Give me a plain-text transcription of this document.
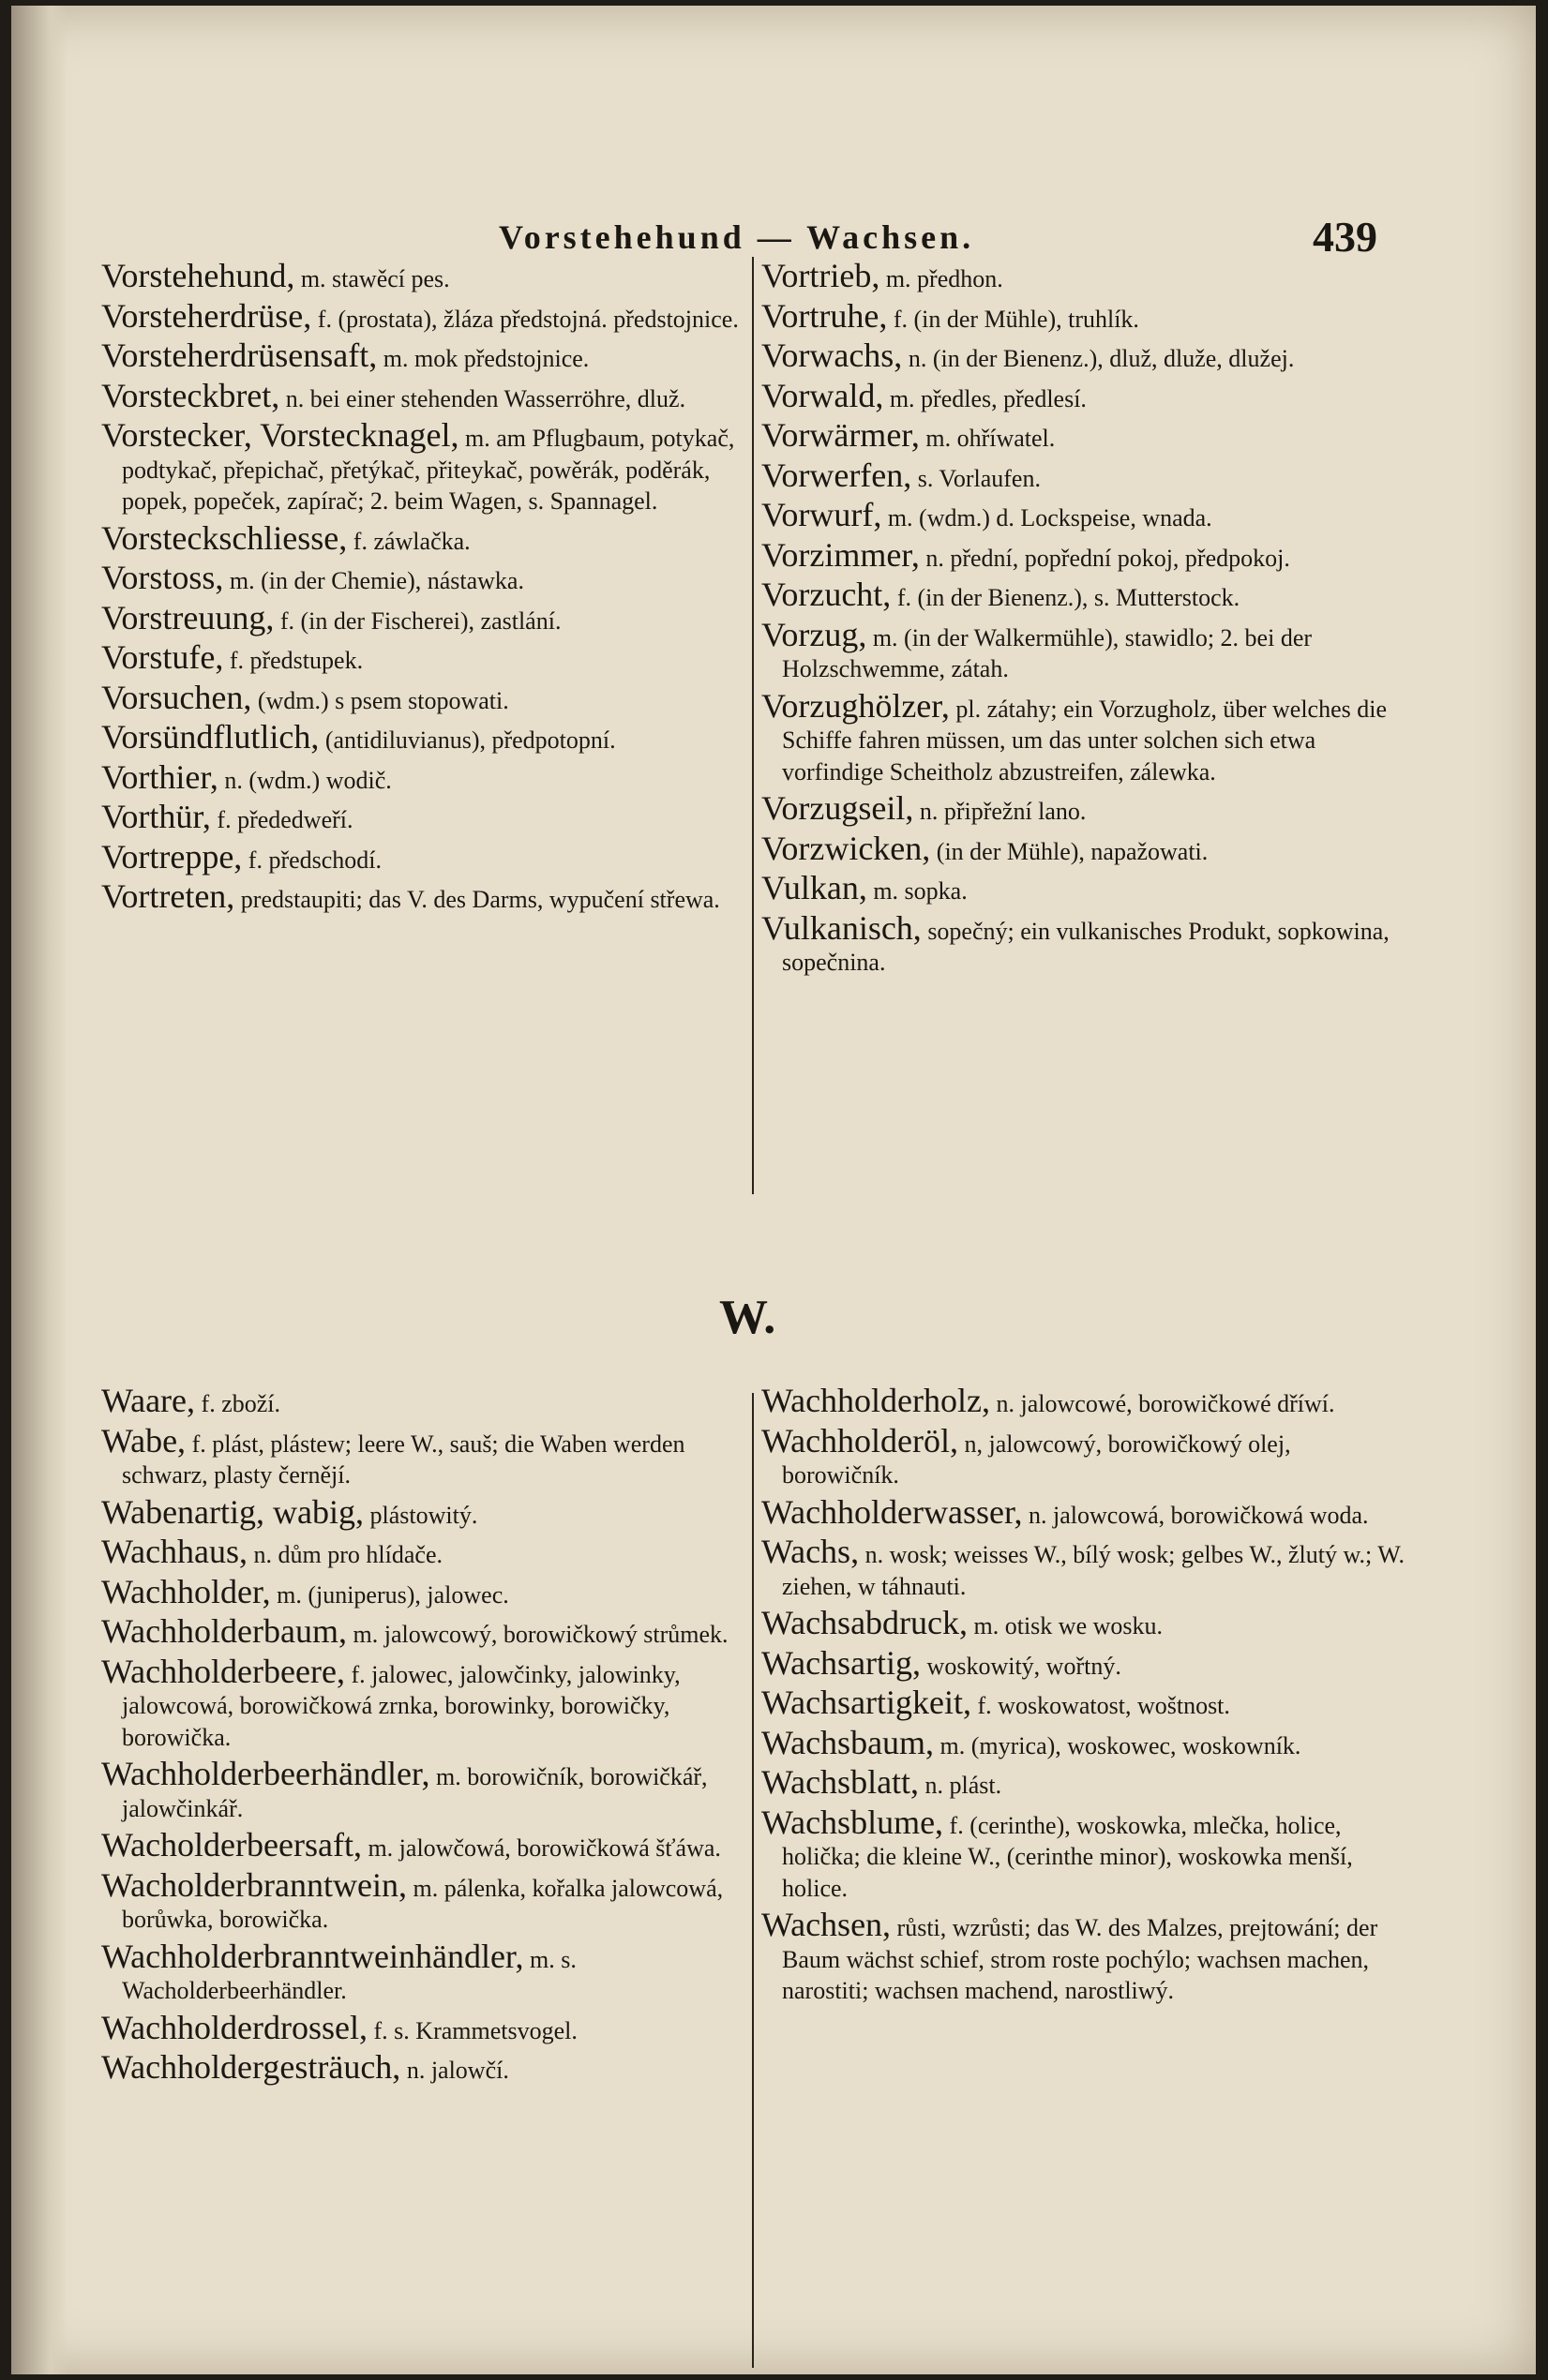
Vorstehehund — Wachsen.	439

Vorstehehund, m. stawěcí pes.

Vorsteherdrüse, f. (prostata), žláza předstojná. předstojnice.

Vorsteherdrüsensaft, m. mok předstojnice.

Vorsteckbret, n. bei einer stehenden Wasserröhre, dluž.

Vorstecker, Vorstecknagel, m. am Pflugbaum, potykač, podtykač, přepichač, přetýkač, přiteykač, powěrák, poděrák, popek, popeček, zapírač; 2. beim Wagen, s. Spannagel.

Vorsteckschliesse, f. záwlačka.

Vorstoss, m. (in der Chemie), nástawka.

Vorstreuung, f. (in der Fischerei), zastlání.

Vorstufe, f. předstupek.

Vorsuchen, (wdm.) s psem stopowati.

Vorsündflutlich, (antidiluvianus), předpotopní.

Vorthier, n. (wdm.) wodič.

Vorthür, f. přededweří.

Vortreppe, f. předschodí.

Vortreten, predstaupiti; das V. des Darms, wypučení střewa.

Vortrieb, m. předhon.

Vortruhe, f. (in der Mühle), truhlík.

Vorwachs, n. (in der Bienenz.), dluž, dluže, dlužej.

Vorwald, m. předles, předlesí.

Vorwärmer, m. ohříwatel.

Vorwerfen, s. Vorlaufen.

Vorwurf, m. (wdm.) d. Lockspeise, wnada.

Vorzimmer, n. přední, popřední pokoj, předpokoj.

Vorzucht, f. (in der Bienenz.), s. Mutterstock.

Vorzug, m. (in der Walkermühle), stawidlo; 2. bei der Holzschwemme, zátah.

Vorzughölzer, pl. zátahy; ein Vorzugholz, über welches die Schiffe fahren müssen, um das unter solchen sich etwa vorfindige Scheitholz abzustreifen, zálewka.

Vorzugseil, n. připřežní lano.

Vorzwicken, (in der Mühle), napažowati.

Vulkan, m. sopka.

Vulkanisch, sopečný; ein vulkanisches Produkt, sopkowina, sopečnina.

W.

Waare, f. zboží.

Wabe, f. plást, plástew; leere W., sauš; die Waben werden schwarz, plasty černějí.

Wabenartig, wabig, plástowitý.

Wachhaus, n. dům pro hlídače.

Wachholder, m. (juniperus), jalowec.

Wachholderbaum, m. jalowcowý, borowičkowý strůmek.

Wachholderbeere, f. jalowec, jalowčinky, jalowinky, jalowcowá, borowičkowá zrnka, borowinky, borowičky, borowička.

Wachholderbeerhändler, m. borowičník, borowičkář, jalowčinkář.

Wacholderbeersaft, m. jalowčowá, borowičkowá šťáwa.

Wacholderbranntwein, m. pálenka, kořalka jalowcowá, borůwka, borowička.

Wachholderbranntweinhändler, m. s. Wacholderbeerhändler.

Wachholderdrossel, f. s. Krammetsvogel.

Wachholdergesträuch, n. jalowčí.

Wachholderholz, n. jalowcowé, borowičkowé dříwí.

Wachholderöl, n, jalowcowý, borowičkowý olej, borowičník.

Wachholderwasser, n. jalowcowá, borowičkowá woda.

Wachs, n. wosk; weisses W., bílý wosk; gelbes W., žlutý w.; W. ziehen, w táhnauti.

Wachsabdruck, m. otisk we wosku.

Wachsartig, woskowitý, wořtný.

Wachsartigkeit, f. woskowatost, woštnost.

Wachsbaum, m. (myrica), woskowec, woskowník.

Wachsblatt, n. plást.

Wachsblume, f. (cerinthe), woskowka, mlečka, holice, holička; die kleine W., (cerinthe minor), woskowka menší, holice.

Wachsen, růsti, wzrůsti; das W. des Malzes, prejtowání; der Baum wächst schief, strom roste pochýlo; wachsen machen, narostiti; wachsen machend, narostliwý.
